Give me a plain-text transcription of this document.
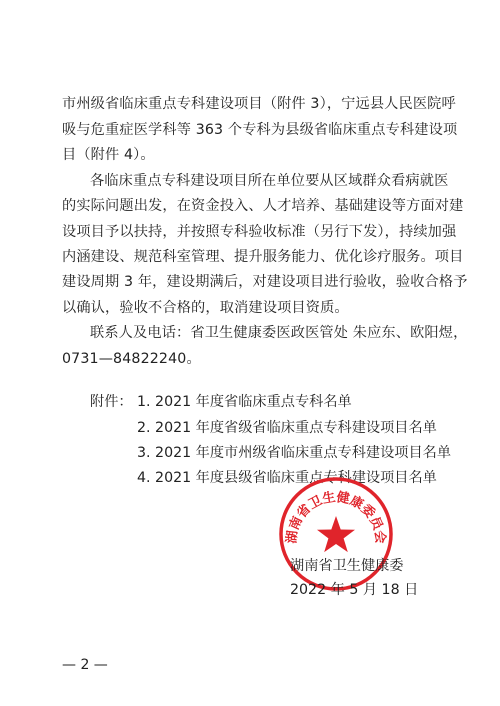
市州级省临床重点专科建设项目（附件 3），宁远县人民医院呼
吸与危重症医学科等 363 个专科为县级省临床重点专科建设项
目（附件 4）。
各临床重点专科建设项目所在单位要从区域群众看病就医
的实际问题出发，在资金投入、人才培养、基础建设等方面对建
设项目予以扶持，并按照专科验收标准（另行下发），持续加强
内涵建设、规范科室管理、提升服务能力、优化诊疗服务。项目
建设周期 3 年，建设期满后，对建设项目进行验收，验收合格予
以确认，验收不合格的，取消建设项目资质。
联系人及电话：省卫生健康委医政医管处 朱应东、欧阳煜，
0731—84822240。
附件： 1. 2021 年度省临床重点专科名单
2. 2021 年度省级省临床重点专科建设项目名单
3. 2021 年度市州级省临床重点专科建设项目名单
4. 2021 年度县级省临床重点专科建设项目名单
湖南省卫生健康委员会
湖南省卫生健康委
2022 年 5 月 18 日
— 2 —
